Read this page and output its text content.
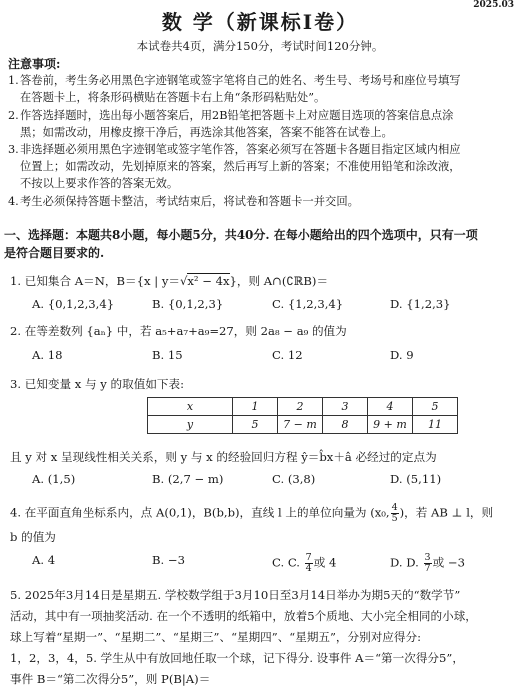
2025.03
数 学（新课标Ⅰ卷）
本试卷共4页，满分150分，考试时间120分钟。
注意事项:
1.答卷前，考生务必用黑色字迹钢笔或签字笔将自己的姓名、考生号、考场号和座位号填写
在答题卡上，将条形码横贴在答题卡右上角“条形码粘贴处”。
2.作答选择题时，选出每小题答案后，用2B铅笔把答题卡上对应题目选项的答案信息点涂
黑；如需改动，用橡皮擦干净后，再选涂其他答案，答案不能答在试卷上。
3.非选择题必须用黑色字迹钢笔或签字笔作答，答案必须写在答题卡各题目指定区域内相应
位置上；如需改动，先划掉原来的答案，然后再写上新的答案；不准使用铅笔和涂改液，
不按以上要求作答的答案无效。
4.考生必须保持答题卡整洁，考试结束后，将试卷和答题卡一并交回。
一、选择题：本题共8小题，每小题5分，共40分. 在每小题给出的四个选项中，只有一项
是符合题目要求的.
1. 已知集合 A＝N，B＝{x | y＝√x² − 4x}，则 A∩(∁ℝB)＝
A. {0,1,2,3,4}	B. {0,1,2,3}	C. {1,2,3,4}	D. {1,2,3}
2. 在等差数列 {aₙ} 中，若 a₅+a₇+a₉=27，则 2a₈ − a₉ 的值为
A. 18	B. 15	C. 12	D. 9
3. 已知变量 x 与 y 的取值如下表:
x	1	2	3	4	5
y	5	7 − m	8	9 + m	11
且 y 对 x 呈现线性相关关系，则 y 与 x 的经验回归方程 ŷ＝b̂x＋â 必经过的定点为
A. (1,5)	B. (2,7 − m)	C. (3,8)	D. (5,11)
4. 在平面直角坐标系内，点 A(0,1)，B(b,b)，直线 l 上的单位向量为 (x₀, $\frac{4}{5}$ )，若 AB ⊥ l，则
b 的值为
A. 4	B. −3	C. C. $\frac{7}{4}$ 或 4	D. D. $\frac{3}{7}$ 或 −3
5. 2025年3月14日是星期五. 学校数学组于3月10日至3月14日举办为期5天的“数学节”
活动，其中有一项抽奖活动. 在一个不透明的纸箱中，放着5个质地、大小完全相同的小球，
球上写着“星期一”、“星期二”、“星期三”、“星期四”、“星期五”，分别对应得分:
1，2，3，4，5. 学生从中有放回地任取一个球，记下得分. 设事件 A＝“第一次得分5”，
事件 B＝“第二次得分5”，则 P(B|A)＝
